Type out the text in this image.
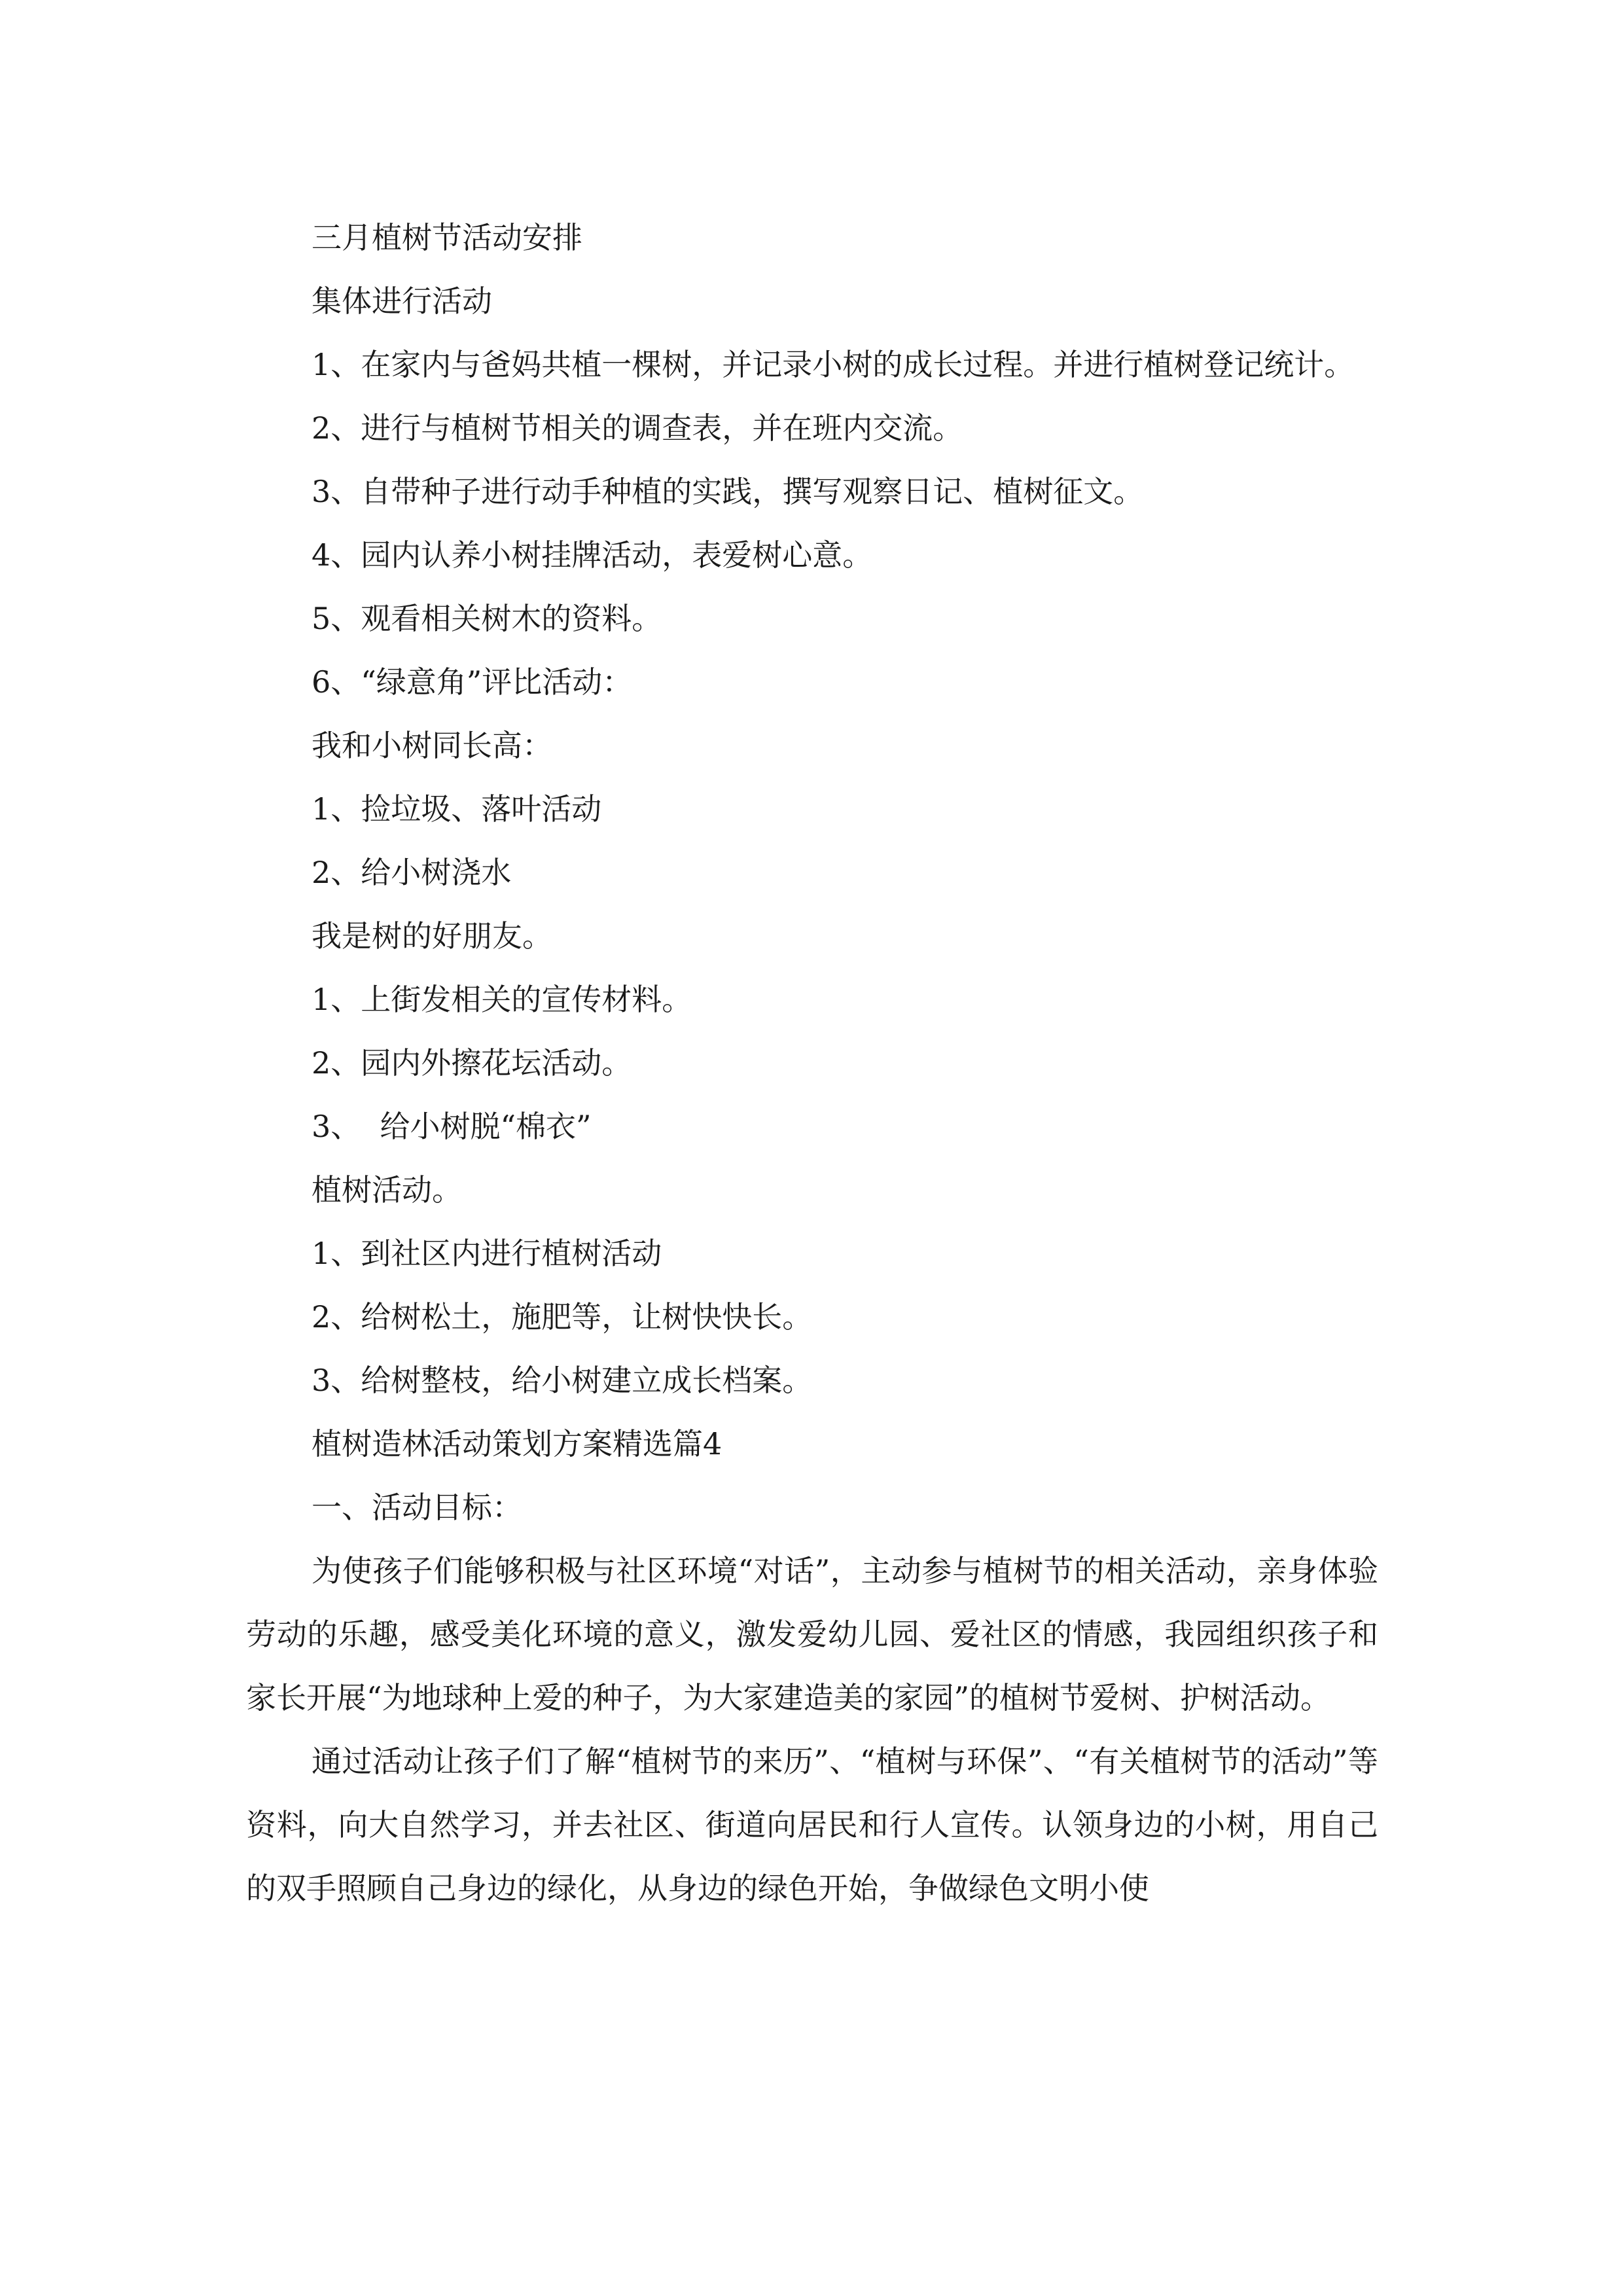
三月植树节活动安排

集体进行活动

1、在家内与爸妈共植一棵树，并记录小树的成长过程。并进行植树登记统计。

2、进行与植树节相关的调查表，并在班内交流。

3、自带种子进行动手种植的实践，撰写观察日记、植树征文。

4、园内认养小树挂牌活动，表爱树心意。

5、观看相关树木的资料。

6、“绿意角”评比活动：

我和小树同长高：

1、捡垃圾、落叶活动

2、给小树浇水

我是树的好朋友。

1、上街发相关的宣传材料。

2、园内外擦花坛活动。

3、  给小树脱“棉衣”

植树活动。

1、到社区内进行植树活动

2、给树松土，施肥等，让树快快长。

3、给树整枝，给小树建立成长档案。

植树造林活动策划方案精选篇4

一、活动目标：

为使孩子们能够积极与社区环境“对话”，主动参与植树节的相关活动，亲身体验劳动的乐趣，感受美化环境的意义，激发爱幼儿园、爱社区的情感，我园组织孩子和家长开展“为地球种上爱的种子，为大家建造美的家园”的植树节爱树、护树活动。

通过活动让孩子们了解“植树节的来历”、“植树与环保”、“有关植树节的活动”等资料，向大自然学习，并去社区、街道向居民和行人宣传。认领身边的小树，用自己的双手照顾自己身边的绿化，从身边的绿色开始，争做绿色文明小使
